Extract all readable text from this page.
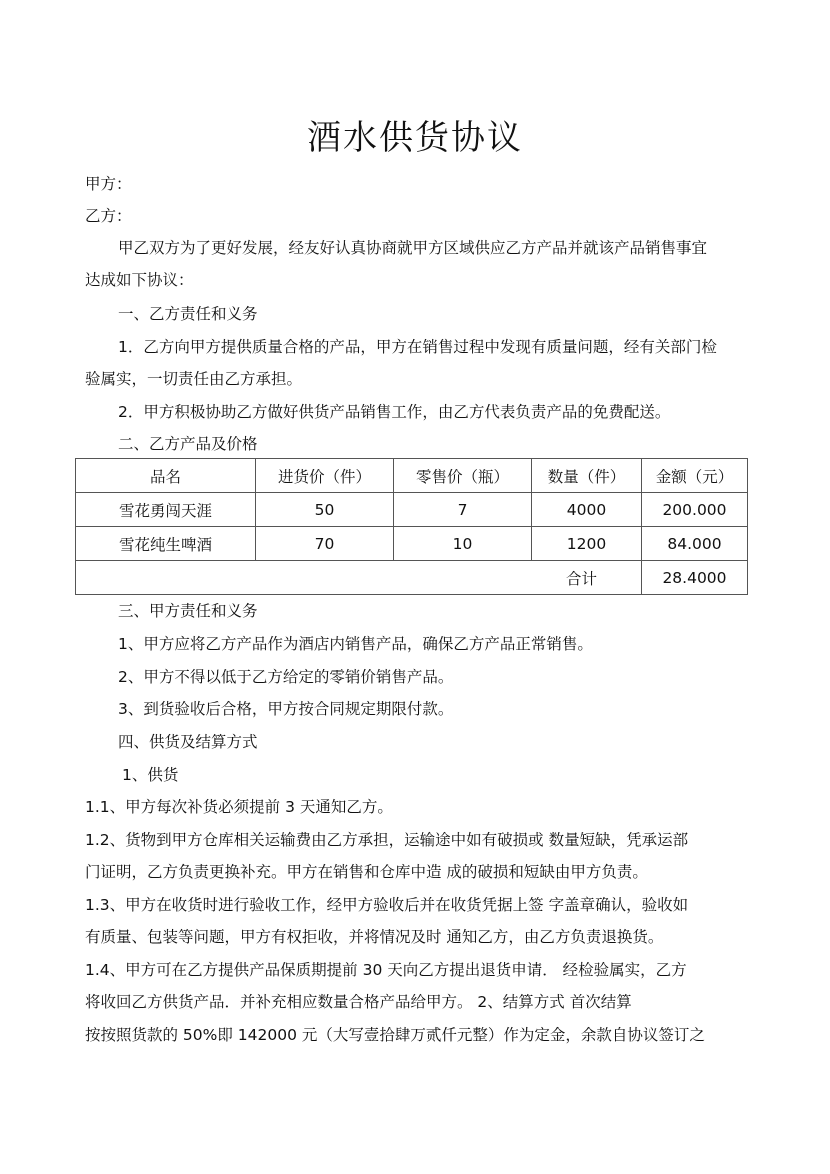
酒水供货协议
甲方：
乙方：
甲乙双方为了更好发展，经友好认真协商就甲方区域供应乙方产品并就该产品销售事宜
达成如下协议：
一、乙方责任和义务
1．乙方向甲方提供质量合格的产品，甲方在销售过程中发现有质量问题，经有关部门检
验属实，一切责任由乙方承担。
2．甲方积极协助乙方做好供货产品销售工作，由乙方代表负责产品的免费配送。
二、乙方产品及价格
品名	进货价（件）	零售价（瓶）	数量（件）	金额（元）
雪花勇闯天涯	50	7	4000	200.000
雪花纯生啤酒	70	10	1200	84.000
合计				28.4000
三、甲方责任和义务
1、甲方应将乙方产品作为酒店内销售产品，确保乙方产品正常销售。
2、甲方不得以低于乙方给定的零销价销售产品。
3、到货验收后合格，甲方按合同规定期限付款。
四、供货及结算方式
1、供货
1.1、甲方每次补货必须提前 3 天通知乙方。
1.2、货物到甲方仓库相关运输费由乙方承担，运输途中如有破损或 数量短缺，凭承运部
门证明，乙方负责更换补充。甲方在销售和仓库中造 成的破损和短缺由甲方负责。
1.3、甲方在收货时进行验收工作，经甲方验收后并在收货凭据上签 字盖章确认，验收如
有质量、包装等问题，甲方有权拒收，并将情况及时 通知乙方，由乙方负责退换货。
1.4、甲方可在乙方提供产品保质期提前 30 天向乙方提出退货申请． 经检验属实，乙方
将收回乙方供货产品．并补充相应数量合格产品给甲方。 2、结算方式 首次结算
按按照货款的 50%即 142000 元（大写壹拾肆万贰仟元整）作为定金，余款自协议签订之
